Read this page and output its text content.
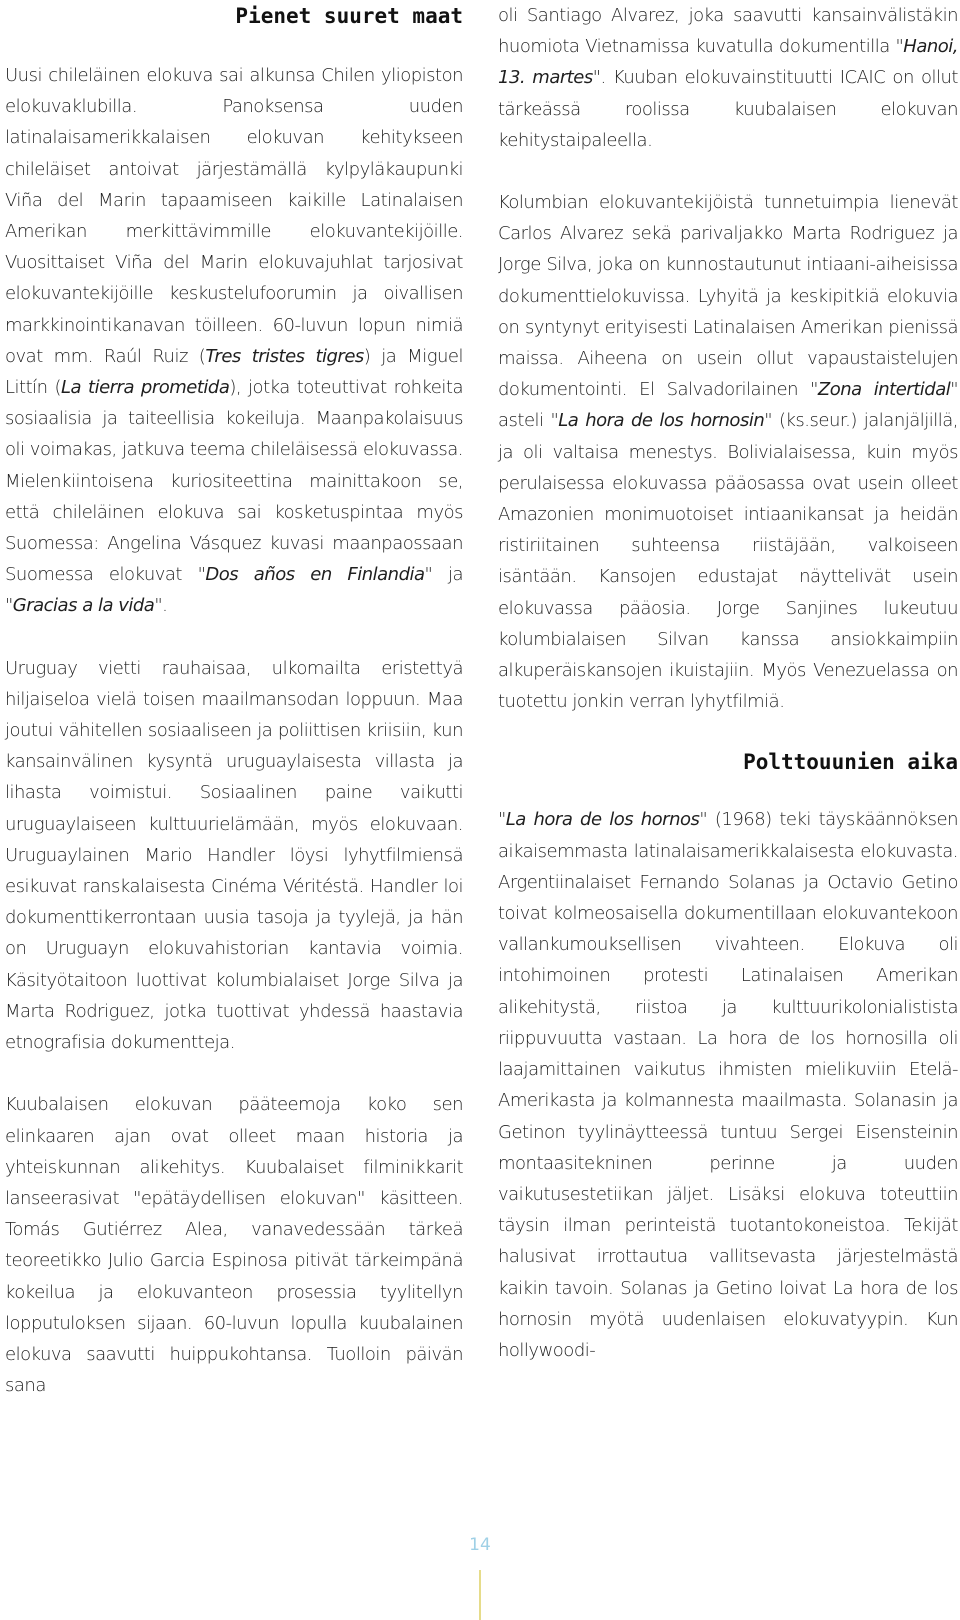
Pienet suuret maat

Uusi chileläinen elokuva sai alkunsa Chilen yliopiston elokuvaklubilla. Panoksensa uuden latinalaisamerikkalaisen elokuvan kehitykseen chileläiset antoivat järjestämällä kylpyläkaupunki Viña del Marin tapaamiseen kaikille Latinalaisen Amerikan merkittävimmille elokuvantekijöille. Vuosittaiset Viña del Marin elokuvajuhlat tarjosivat elokuvantekijöille keskustelufoorumin ja oivallisen markkinointikanavan töilleen. 60-luvun lopun nimiä ovat mm. Raúl Ruiz (Tres tristes tigres) ja Miguel Littín (La tierra prometida), jotka toteuttivat rohkeita sosiaalisia ja taiteellisia kokeiluja. Maanpakolaisuus oli voimakas, jatkuva teema chileläisessä elokuvassa. Mielenkiintoisena kuriositeettina mainittakoon se, että chileläinen elokuva sai kosketuspintaa myös Suomessa: Angelina Vásquez kuvasi maanpaossaan Suomessa elokuvat "Dos años en Finlandia" ja "Gracias a la vida".

Uruguay vietti rauhaisaa, ulkomailta eristettyä hiljaiseloa vielä toisen maailmansodan loppuun. Maa joutui vähitellen sosiaaliseen ja poliittisen kriisiin, kun kansainvälinen kysyntä uruguaylaisesta villasta ja lihasta voimistui. Sosiaalinen paine vaikutti uruguaylaiseen kulttuurielämään, myös elokuvaan. Uruguaylainen Mario Handler löysi lyhytfilmiensä esikuvat ranskalaisesta Cinéma Véritéstä. Handler loi dokumenttikerrontaan uusia tasoja ja tyylejä, ja hän on Uruguayn elokuvahistorian kantavia voimia. Käsityötaitoon luottivat kolumbialaiset Jorge Silva ja Marta Rodriguez, jotka tuottivat yhdessä haastavia etnografisia dokumentteja.

Kuubalaisen elokuvan pääteemoja koko sen elinkaaren ajan ovat olleet maan historia ja yhteiskunnan alikehitys. Kuubalaiset filminikkarit lanseerasivat "epätäydellisen elokuvan" käsitteen. Tomás Gutiérrez Alea, vanavedessään tärkeä teoreetikko Julio Garcia Espinosa pitivät tärkeimpänä kokeilua ja elokuvanteon prosessia tyylitellyn lopputuloksen sijaan. 60-luvun lopulla kuubalainen elokuva saavutti huippukohtansa. Tuolloin päivän sana

oli Santiago Alvarez, joka saavutti kansainvälistäkin huomiota Vietnamissa kuvatulla dokumentilla "Hanoi, 13. martes". Kuuban elokuvainstituutti ICAIC on ollut tärkeässä roolissa kuubalaisen elokuvan kehitystaipaleella.

Kolumbian elokuvantekijöistä tunnetuimpia lienevät Carlos Alvarez sekä parivaljakko Marta Rodriguez ja Jorge Silva, joka on kunnostautunut intiaani-aiheisissa dokumenttielokuvissa. Lyhyitä ja keskipitkiä elokuvia on syntynyt erityisesti Latinalaisen Amerikan pienissä maissa. Aiheena on usein ollut vapaustaistelujen dokumentointi. El Salvadorilainen "Zona intertidal" asteli "La hora de los hornosin" (ks.seur.) jalanjäljillä, ja oli valtaisa menestys. Bolivialaisessa, kuin myös perulaisessa elokuvassa pääosassa ovat usein olleet Amazonien monimuotoiset intiaanikansat ja heidän ristiriitainen suhteensa riistäjään, valkoiseen isäntään. Kansojen edustajat näyttelivät usein elokuvassa pääosia. Jorge Sanjines lukeutuu kolumbialaisen Silvan kanssa ansiokkaimpiin alkuperäiskansojen ikuistajiin. Myös Venezuelassa on tuotettu jonkin verran lyhytfilmiä.

Polttouunien aika

"La hora de los hornos" (1968) teki täyskäännöksen aikaisemmasta latinalaisamerikkalaisesta elokuvasta. Argentiinalaiset Fernando Solanas ja Octavio Getino toivat kolmeosaisella dokumentillaan elokuvantekoon vallankumouksellisen vivahteen. Elokuva oli intohimoinen protesti Latinalaisen Amerikan alikehitystä, riistoa ja kulttuurikolonialistista riippuvuutta vastaan. La hora de los hornosilla oli laajamittainen vaikutus ihmisten mielikuviin Etelä-Amerikasta ja kolmannesta maailmasta. Solanasin ja Getinon tyylinäytteessä tuntuu Sergei Eisensteinin montaasitekninen perinne ja uuden vaikutusestetiikan jäljet. Lisäksi elokuva toteuttiin täysin ilman perinteistä tuotantokoneistoa. Tekijät halusivat irrottautua vallitsevasta järjestelmästä kaikin tavoin. Solanas ja Getino loivat La hora de los hornosin myötä uudenlaisen elokuvatyypin. Kun hollywoodi-

14
